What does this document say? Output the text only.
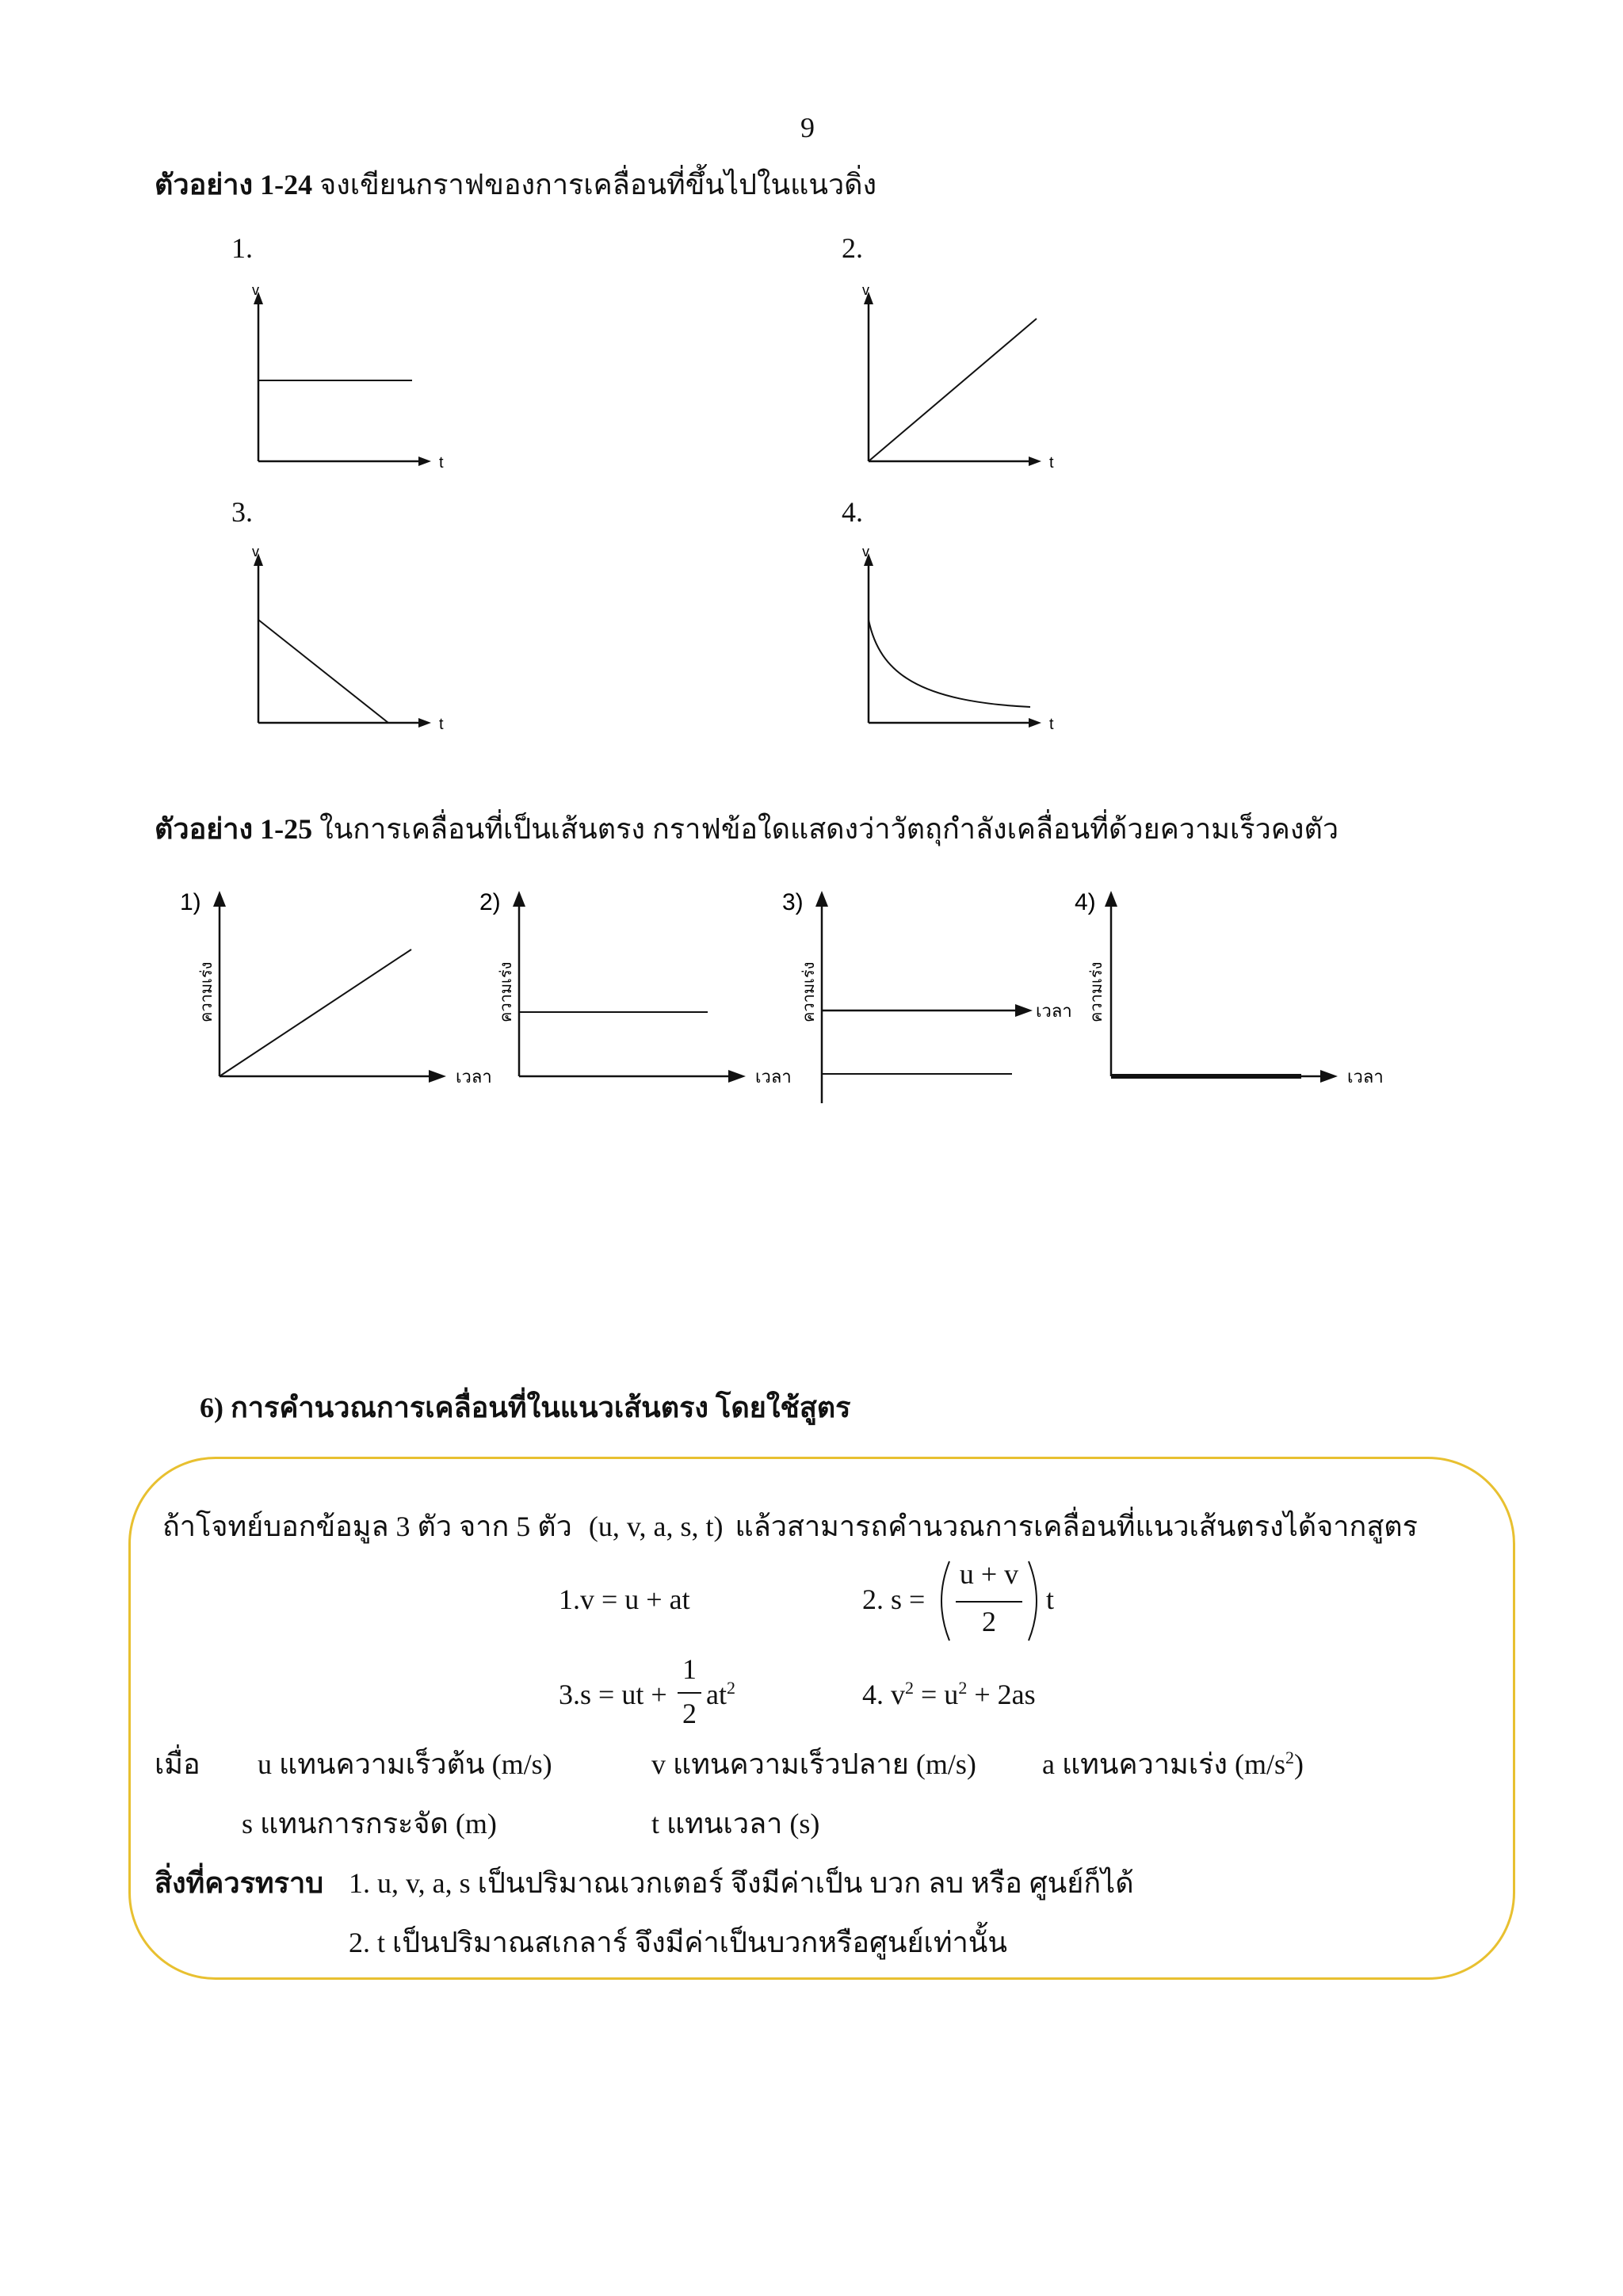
9
ตัวอย่าง 1-24 จงเขียนกราฟของการเคลื่อนที่ขึ้นไปในแนวดิ่ง
1.
v
t
2.
v
t
3.
v
t
4.
v
t
ตัวอย่าง 1-25 ในการเคลื่อนที่เป็นเส้นตรง กราฟข้อใดแสดงว่าวัตถุกำลังเคลื่อนที่ด้วยความเร็วคงตัว
1)
ความเร่ง
เวลา
2)
ความเร่ง
เวลา
3)
ความเร่ง	เวลา
4)
ความเร่ง
เวลา
6) การคำนวณการเคลื่อนที่ในแนวเส้นตรง โดยใช้สูตร
ถ้าโจทย์บอกข้อมูล 3 ตัว จาก 5 ตัว (u, v, a, s, t) แล้วสามารถคำนวณการเคลื่อนที่แนวเส้นตรงได้จากสูตร
1.v = u + at	2. s =
u + v
2
t
3.s = ut +
1
2
$at^2$	4. $v^2 = u^2 + 2as$
เมื่อ u แทนความเร็วต้น (m/s)	v แทนความเร็วปลาย (m/s) a แทนความเร่ง $(m/s^2)$
s แทนการกระจัด (m)	t แทนเวลา (s)
สิ่งที่ควรทราบ 1. u, v, a, s เป็นปริมาณเวกเตอร์ จึงมีค่าเป็น บวก ลบ หรือ ศูนย์ก็ได้
2. t เป็นปริมาณสเกลาร์ จึงมีค่าเป็นบวกหรือศูนย์เท่านั้น
